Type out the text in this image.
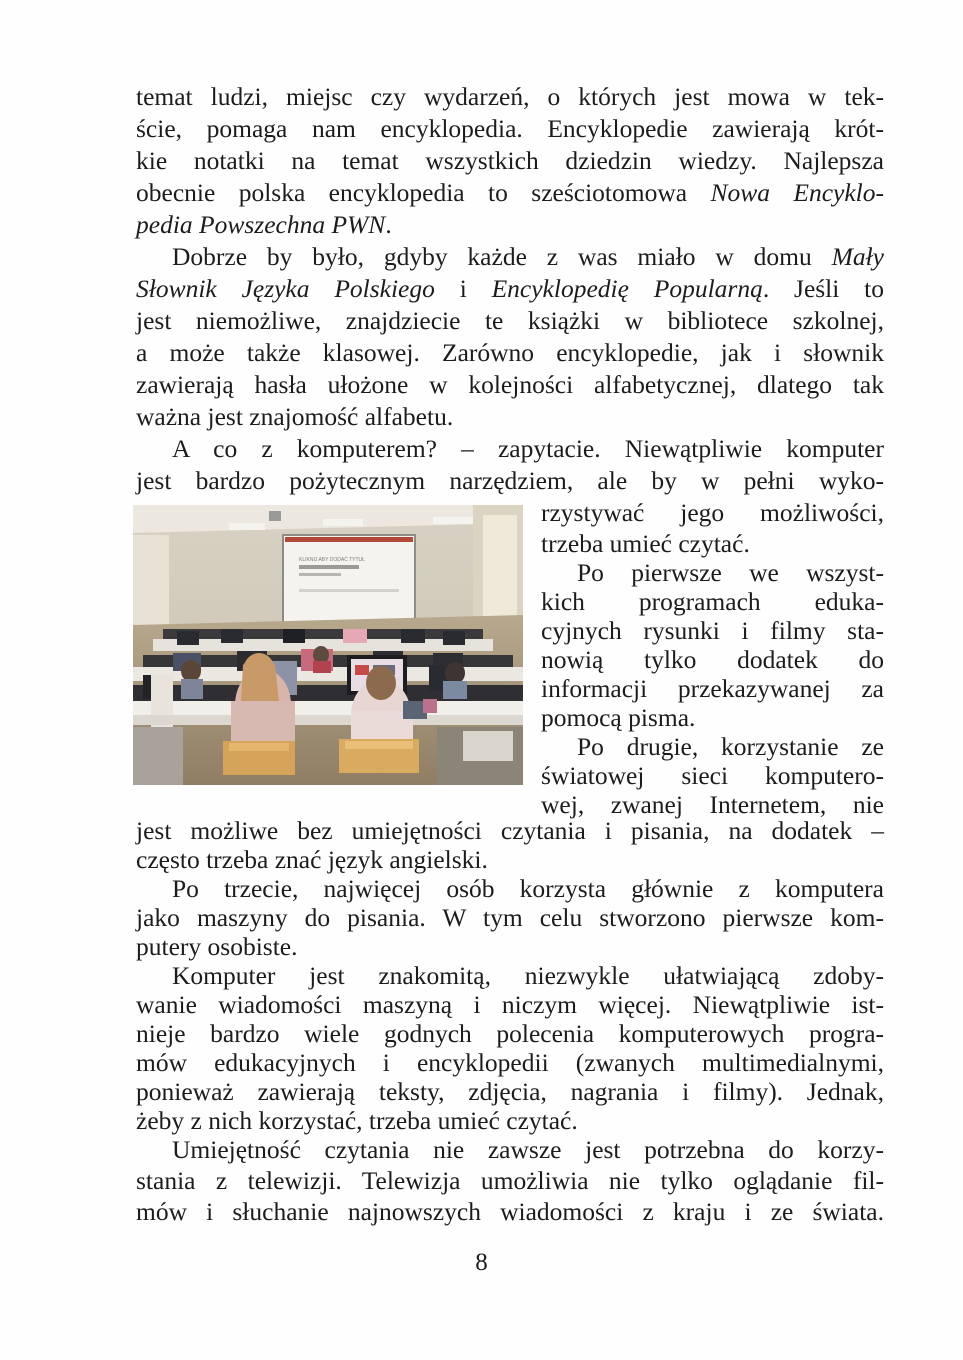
temat ludzi, miejsc czy wydarzeń, o których jest mowa w tek-
ście, pomaga nam encyklopedia. Encyklopedie zawierają krót-
kie notatki na temat wszystkich dziedzin wiedzy. Najlepsza
obecnie polska encyklopedia to sześciotomowa Nowa Encyklo-
pedia Powszechna PWN.
Dobrze by było, gdyby każde z was miało w domu Mały
Słownik Języka Polskiego i Encyklopedię Popularną. Jeśli to
jest niemożliwe, znajdziecie te książki w bibliotece szkolnej,
a może także klasowej. Zarówno encyklopedie, jak i słownik
zawierają hasła ułożone w kolejności alfabetycznej, dlatego tak
ważna jest znajomość alfabetu.
A co z komputerem? – zapytacie. Niewątpliwie komputer
jest bardzo pożytecznym narzędziem, ale by w pełni wyko-
KLIKNIJ ABY DODAĆ TYTUŁ
rzystywać jego możliwości,
trzeba umieć czytać.
Po pierwsze we wszyst-
kich programach eduka-
cyjnych rysunki i filmy sta-
nowią tylko dodatek do
informacji przekazywanej za
pomocą pisma.
Po drugie, korzystanie ze
światowej sieci komputero-
wej, zwanej Internetem, nie
jest możliwe bez umiejętności czytania i pisania, na dodatek –
często trzeba znać język angielski.
Po trzecie, najwięcej osób korzysta głównie z komputera
jako maszyny do pisania. W tym celu stworzono pierwsze kom-
putery osobiste.
Komputer jest znakomitą, niezwykle ułatwiającą zdoby-
wanie wiadomości maszyną i niczym więcej. Niewątpliwie ist-
nieje bardzo wiele godnych polecenia komputerowych progra-
mów edukacyjnych i encyklopedii (zwanych multimedialnymi,
ponieważ zawierają teksty, zdjęcia, nagrania i filmy). Jednak,
żeby z nich korzystać, trzeba umieć czytać.
Umiejętność czytania nie zawsze jest potrzebna do korzy-
stania z telewizji. Telewizja umożliwia nie tylko oglądanie fil-
mów i słuchanie najnowszych wiadomości z kraju i ze świata.
8
